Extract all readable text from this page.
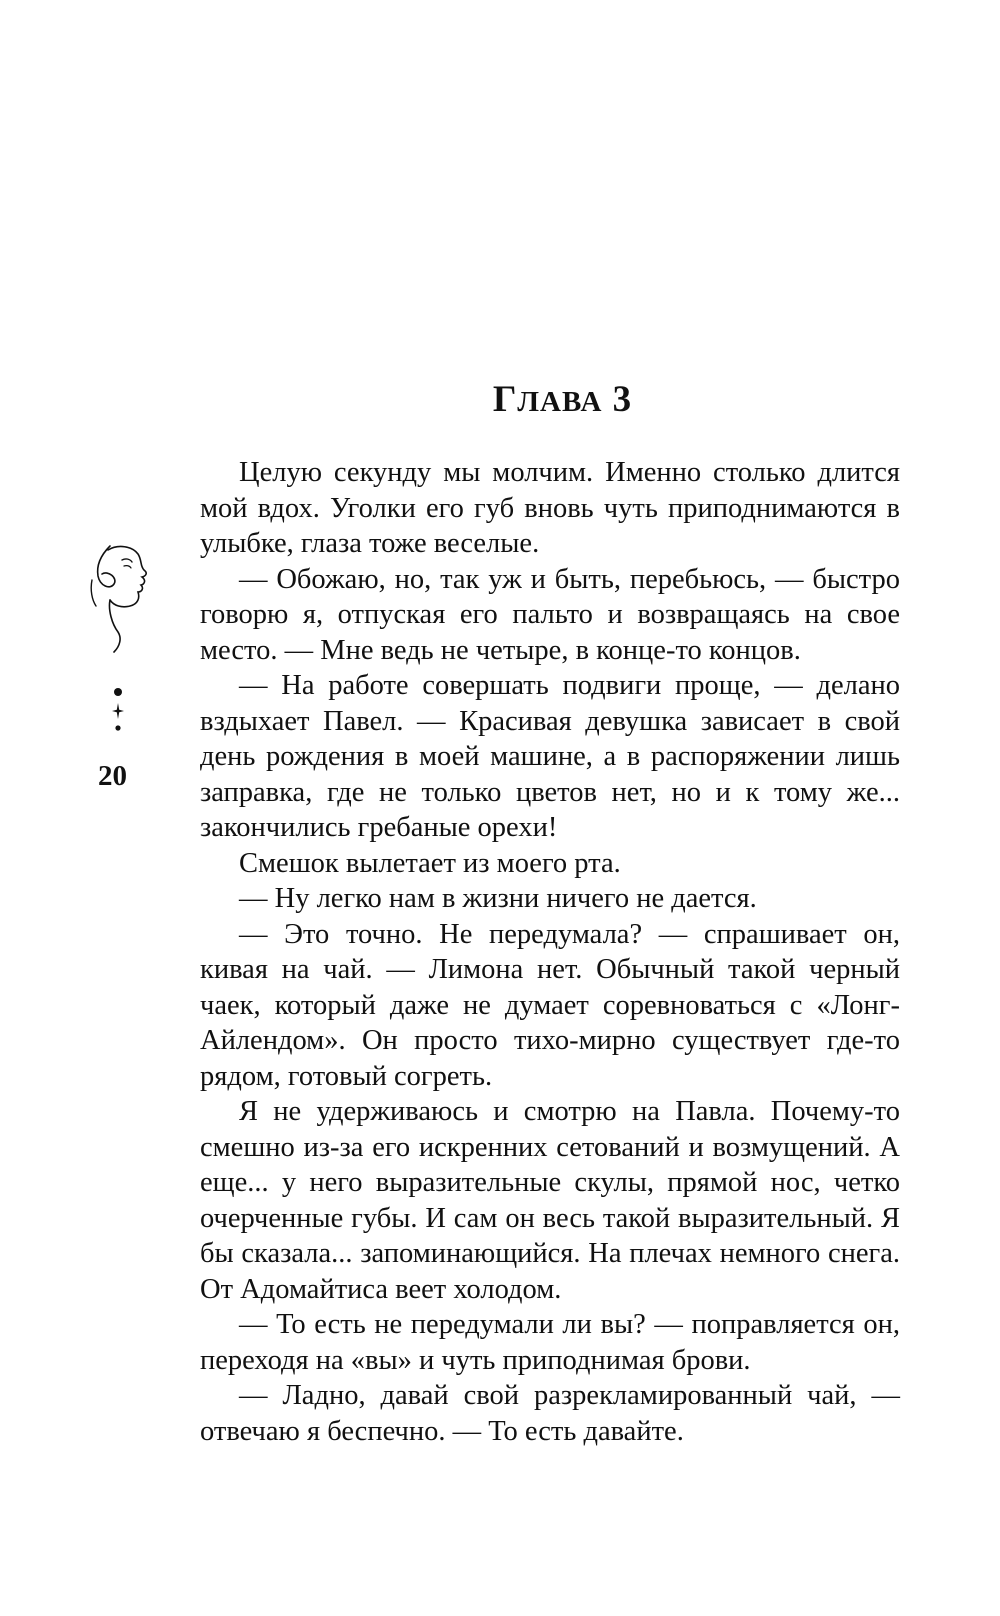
ГЛАВА 3
20

Целую секунду мы молчим. Именно столько длится мой вдох. Уголки его губ вновь чуть приподнимаются в улыбке, глаза тоже веселые.

— Обожаю, но, так уж и быть, перебьюсь, — быстро говорю я, отпуская его пальто и возвращаясь на свое место. — Мне ведь не четыре, в конце-то концов.

— На работе совершать подвиги проще, — делано вздыхает Павел. — Красивая девушка зависает в свой день рождения в моей машине, а в распоряжении лишь заправка, где не только цветов нет, но и к тому же... закончились гребаные орехи!

Смешок вылетает из моего рта.

— Ну легко нам в жизни ничего не дается.

— Это точно. Не передумала? — спрашивает он, кивая на чай. — Лимона нет. Обычный такой черный чаек, который даже не думает соревноваться с «Лонг-Айлендом». Он просто тихо-мирно существует где-то рядом, готовый согреть.

Я не удерживаюсь и смотрю на Павла. Почему-то смешно из-за его искренних сетований и возмущений. А еще... у него выразительные скулы, прямой нос, четко очерченные губы. И сам он весь такой выразительный. Я бы сказала... запоминающийся. На плечах немного снега. От Адомайтиса веет холодом.

— То есть не передумали ли вы? — поправляется он, переходя на «вы» и чуть приподнимая брови.

— Ладно, давай свой разрекламированный чай, — отвечаю я беспечно. — То есть давайте.
